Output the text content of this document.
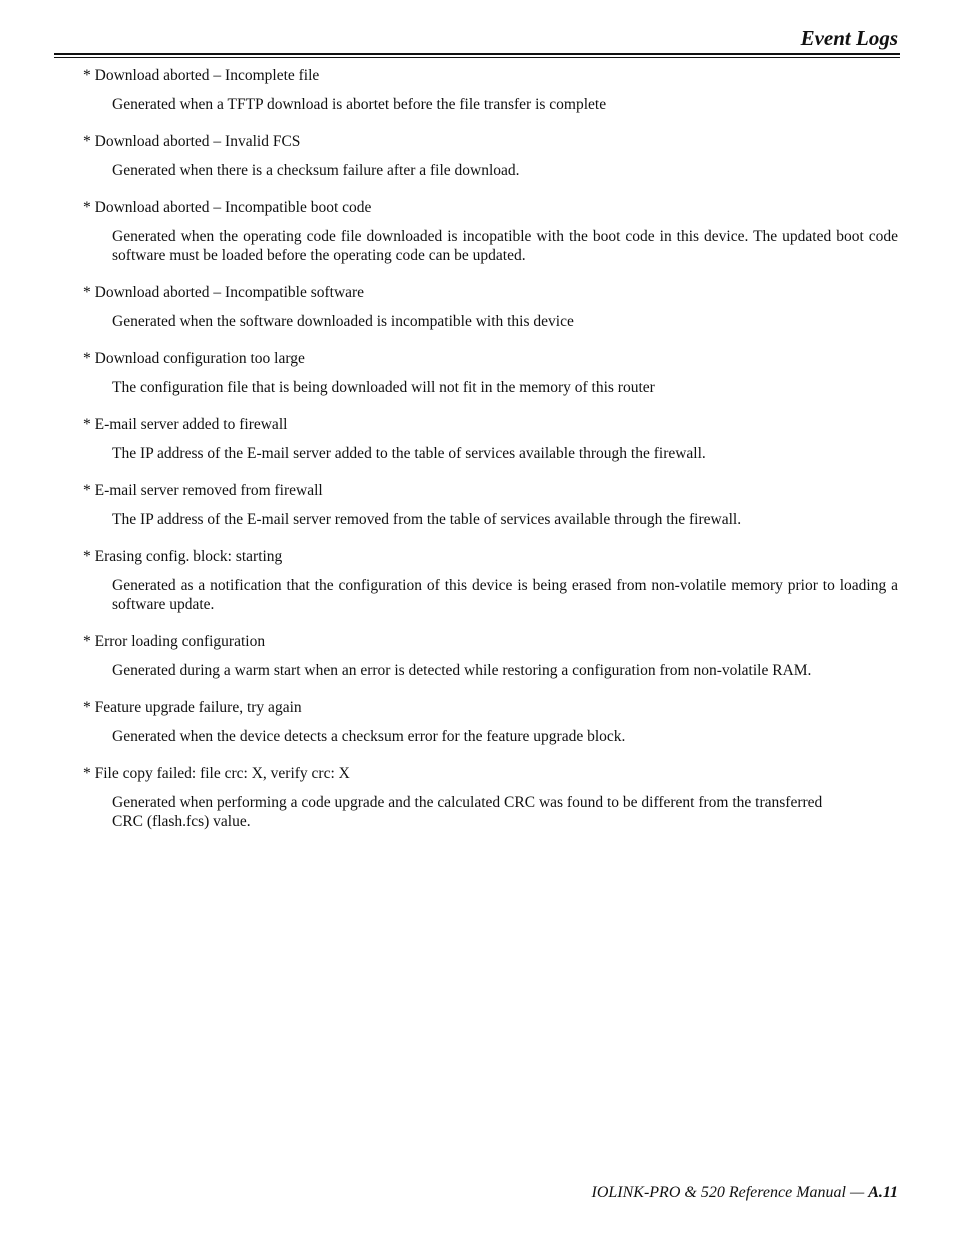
Event Logs

* Download aborted – Incomplete file

Generated when a TFTP download is abortet before the file transfer is complete

* Download aborted – Invalid FCS

Generated when there is a checksum failure after a file download.

* Download aborted – Incompatible boot code

Generated when the operating code file downloaded is incopatible with the boot code in this device. The updated boot code software must be loaded before the operating code can be updated.

* Download aborted – Incompatible software

Generated when the software downloaded is incompatible with this device

* Download configuration too large

The configuration file that is being downloaded will not fit in the memory of this router

* E-mail server added to firewall

The IP address of the E-mail server added to the table of services available through the firewall.

* E-mail server removed from firewall

The IP address of the E-mail server removed from the table of services available through the firewall.

* Erasing config. block: starting

Generated as a notification that the configuration of this device is being erased from non-volatile memory prior to loading a software update.

* Error loading configuration

Generated during a warm start when an error is detected while restoring a configuration from non-volatile RAM.

* Feature upgrade failure, try again

Generated when the device detects a checksum error for the feature upgrade block.

* File copy failed: file crc: X, verify crc: X

Generated when performing a code upgrade and the calculated CRC was found to be different from the transferred CRC (flash.fcs) value.

IOLINK-PRO & 520 Reference Manual — A.11
